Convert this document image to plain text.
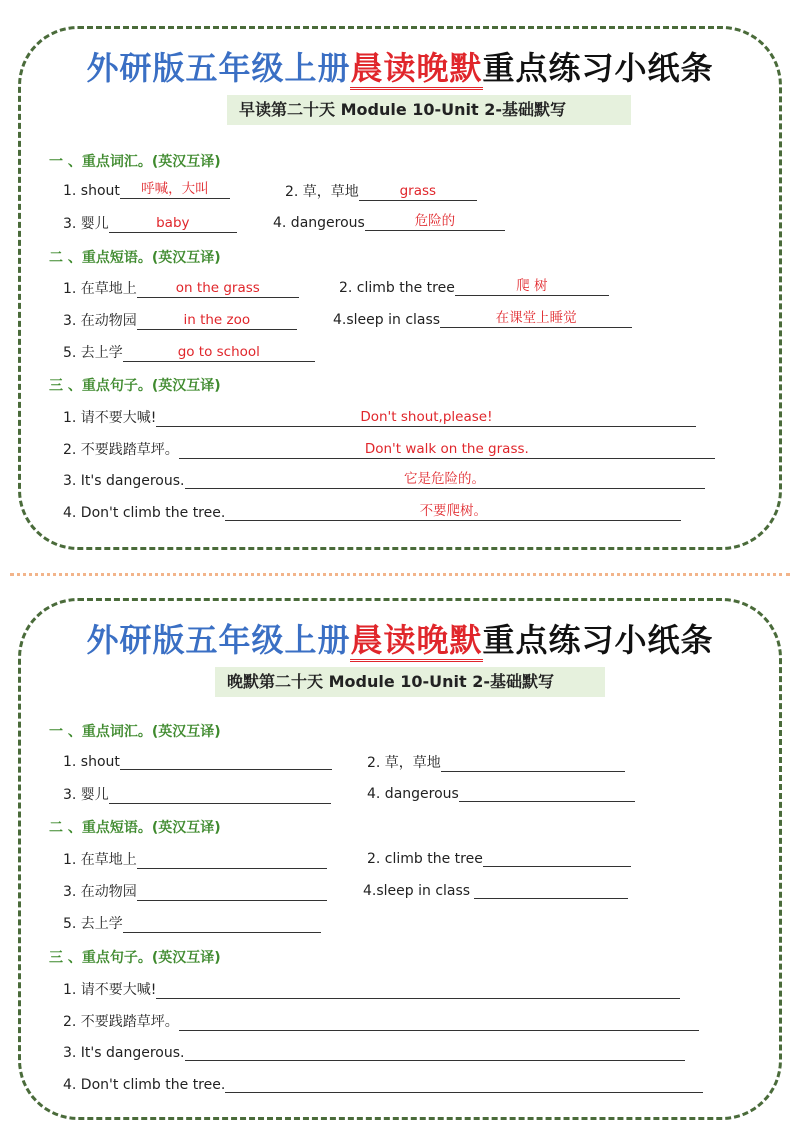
外研版五年级上册晨读晚默重点练习小纸条
早读第二十天 Module 10-Unit 2-基础默写
一 、重点词汇。(英汉互译)
1. shout	呼喊，大叫	2. 草，草地	grass
3. 婴儿	baby	4. dangerous	危险的
二 、重点短语。(英汉互译)
1. 在草地上	on the grass	2. climb the tree	爬 树
3. 在动物园	in the zoo	4.sleep in class	在课堂上睡觉
5. 去上学	go to school
三 、重点句子。(英汉互译)
1. 请不要大喊!	Don't shout,please!
2. 不要践踏草坪。	Don't walk on the grass.
3. It's dangerous.	它是危险的。
4. Don't climb the tree.	不要爬树。
外研版五年级上册晨读晚默重点练习小纸条
晚默第二十天 Module 10-Unit 2-基础默写
一 、重点词汇。(英汉互译)
1. shout	2. 草，草地
3. 婴儿	4. dangerous
二 、重点短语。(英汉互译)
1. 在草地上	2. climb the tree
3. 在动物园	4.sleep in class
5. 去上学
三 、重点句子。(英汉互译)
1. 请不要大喊!
2. 不要践踏草坪。
3. It's dangerous.
4. Don't climb the tree.
